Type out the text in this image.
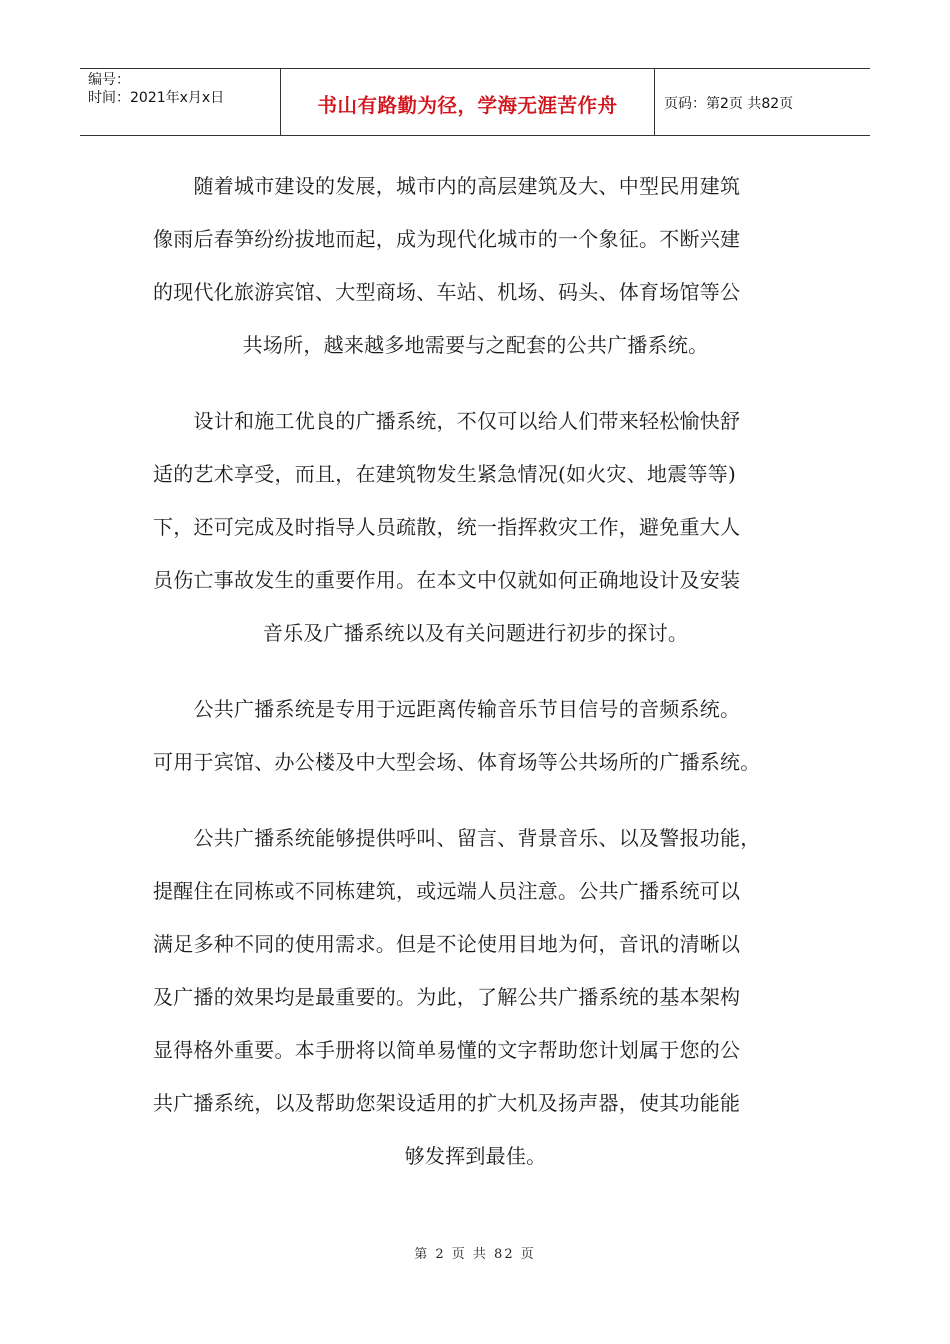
编号：
时间：2021年x月x日	书山有路勤为径，学海无涯苦作舟	页码：第2页 共82页
　　随着城市建设的发展，城市内的高层建筑及大、中型民用建筑
像雨后春笋纷纷拔地而起，成为现代化城市的一个象征。不断兴建
的现代化旅游宾馆、大型商场、车站、机场、码头、体育场馆等公
共场所，越来越多地需要与之配套的公共广播系统。
　　设计和施工优良的广播系统，不仅可以给人们带来轻松愉快舒
适的艺术享受，而且，在建筑物发生紧急情况(如火灾、地震等等)
下，还可完成及时指导人员疏散，统一指挥救灾工作，避免重大人
员伤亡事故发生的重要作用。在本文中仅就如何正确地设计及安装
音乐及广播系统以及有关问题进行初步的探讨。
　　公共广播系统是专用于远距离传输音乐节目信号的音频系统。
可用于宾馆、办公楼及中大型会场、体育场等公共场所的广播系统。
　　公共广播系统能够提供呼叫、留言、背景音乐、以及警报功能，
提醒住在同栋或不同栋建筑，或远端人员注意。公共广播系统可以
满足多种不同的使用需求。但是不论使用目地为何，音讯的清晰以
及广播的效果均是最重要的。为此，了解公共广播系统的基本架构
显得格外重要。本手册将以简单易懂的文字帮助您计划属于您的公
共广播系统，以及帮助您架设适用的扩大机及扬声器，使其功能能
够发挥到最佳。
第 2 页 共 82 页
